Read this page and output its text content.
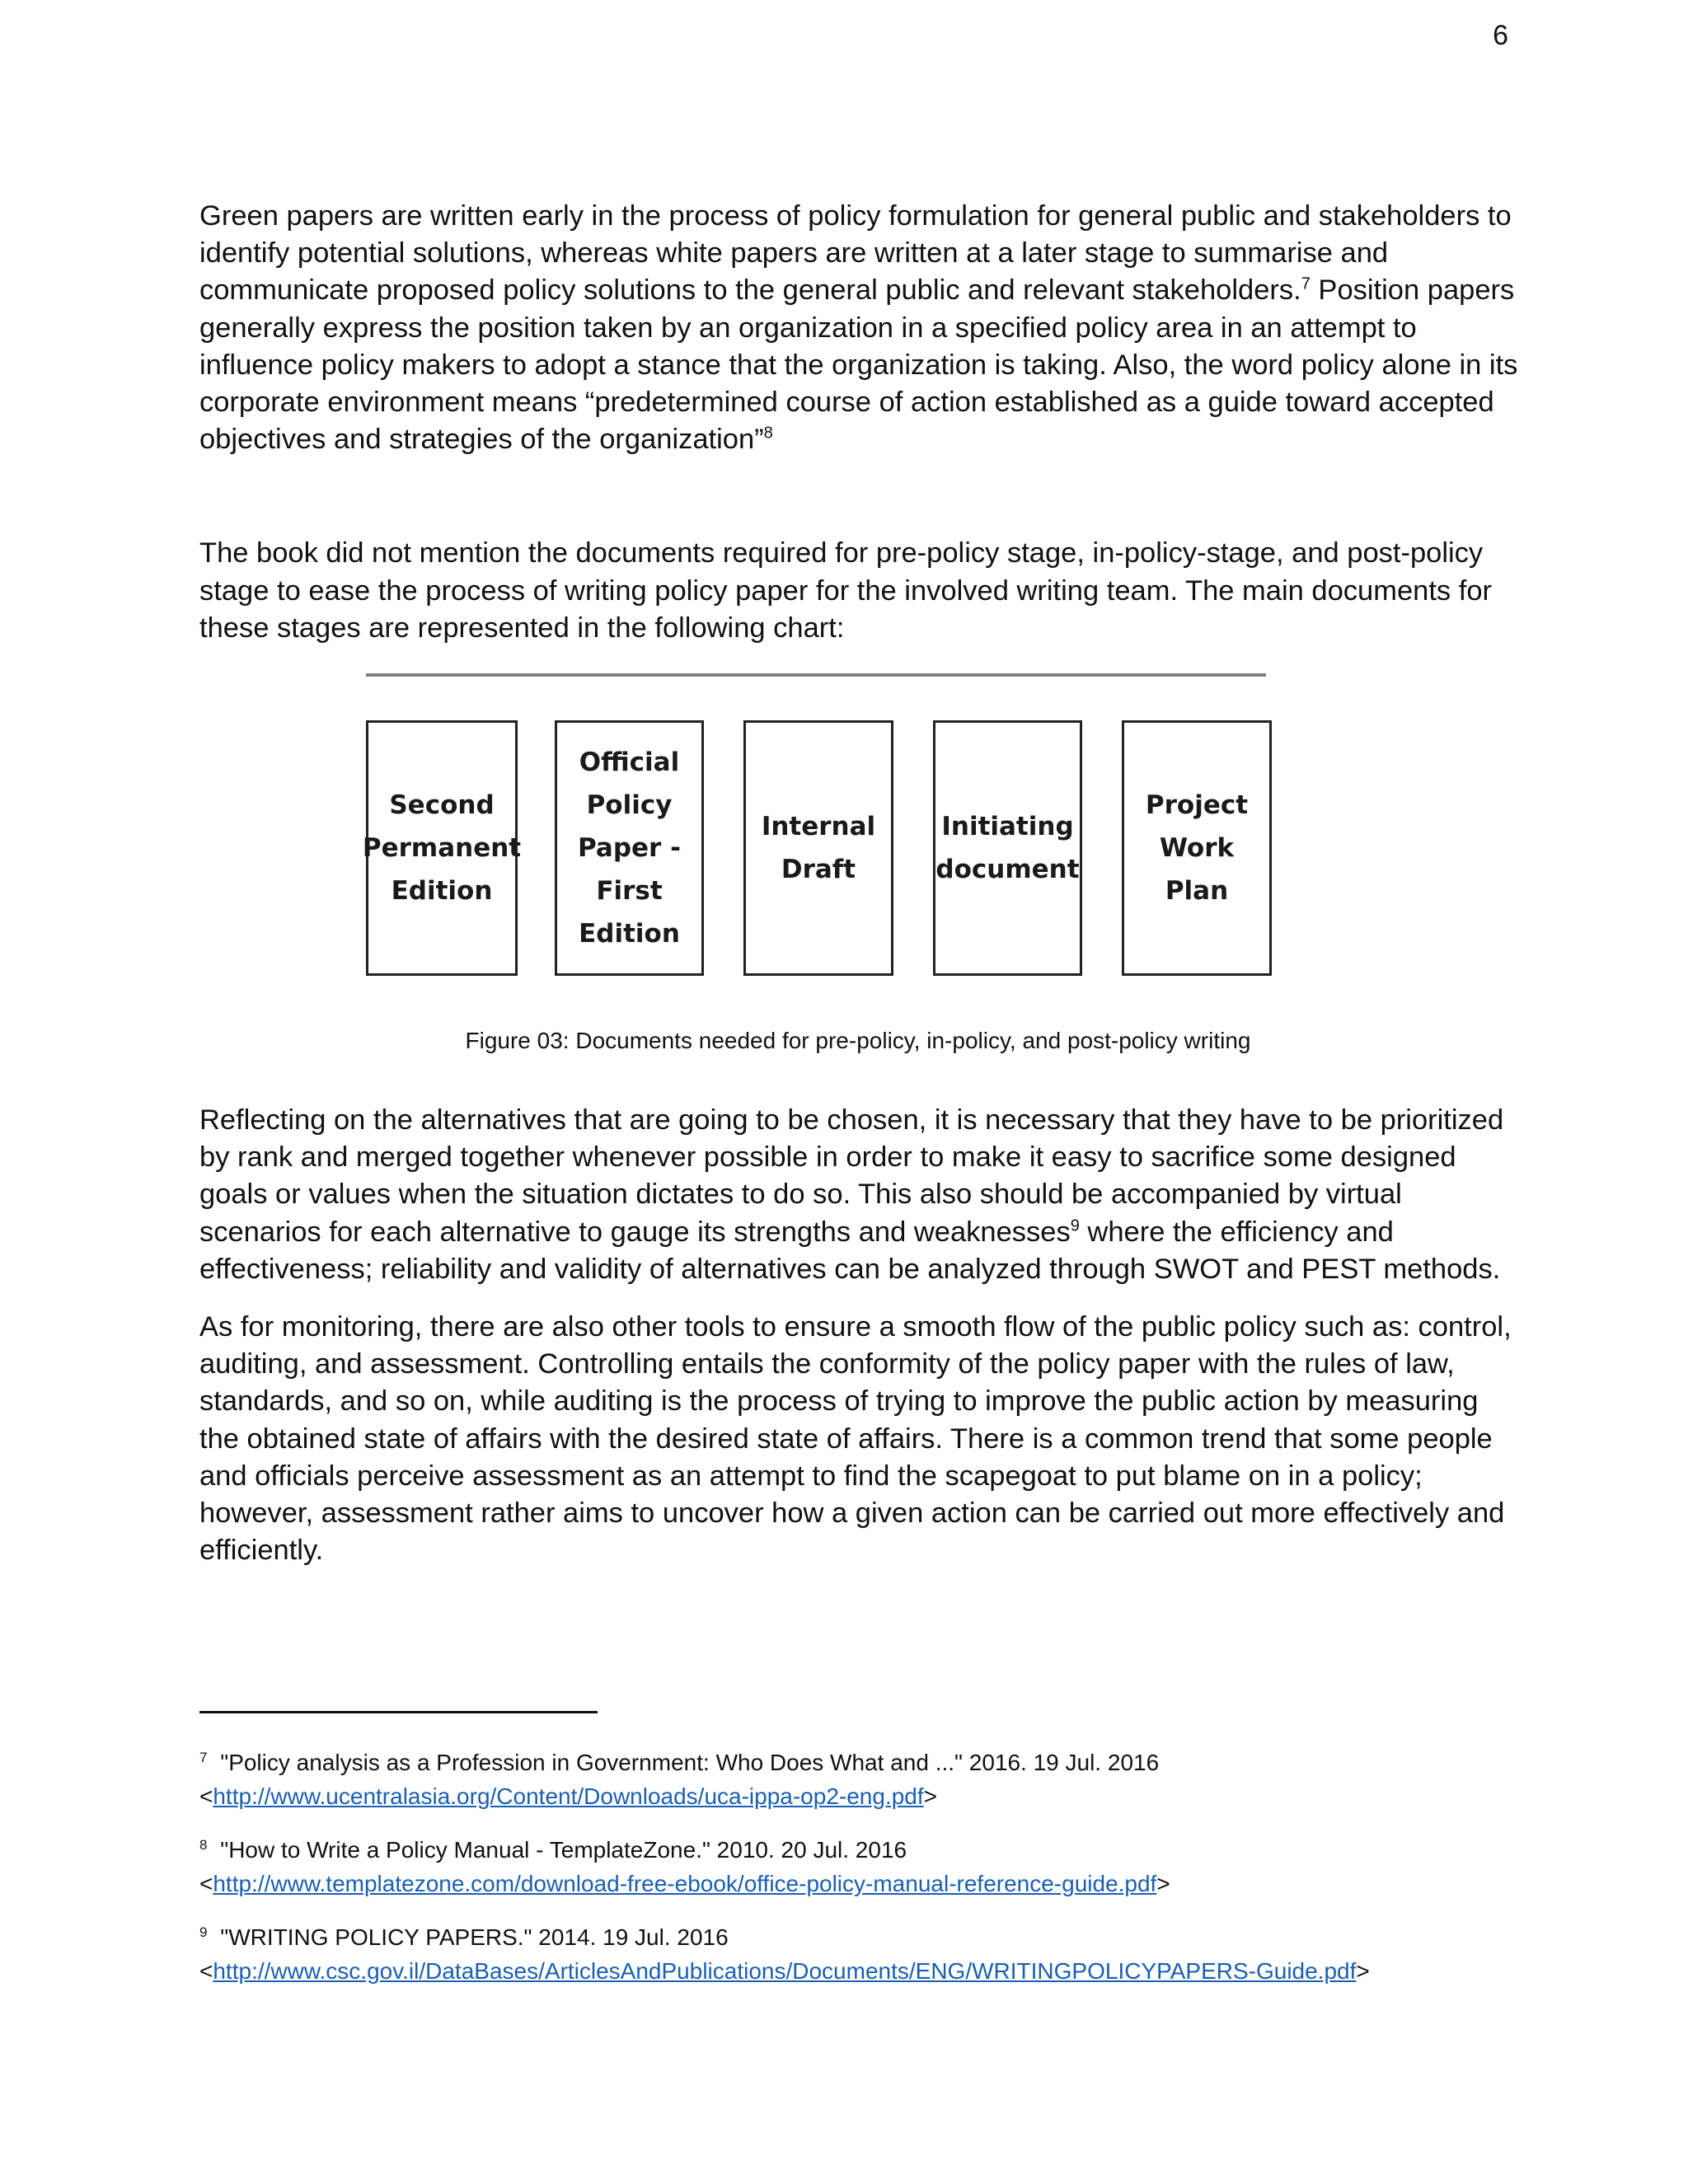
6

Green papers are written early in the process of policy formulation for general public and stakeholders to identify potential solutions, whereas white papers are written at a later stage to summarise and communicate proposed policy solutions to the general public and relevant stakeholders.$^7$ Position papers generally express the position taken by an organization in a specified policy area in an attempt to influence policy makers to adopt a stance that the organization is taking. Also, the word policy alone in its corporate environment means “predetermined course of action established as a guide toward accepted objectives and strategies of the organization”$^8$

The book did not mention the documents required for pre-policy stage, in-policy-stage, and post-policy stage to ease the process of writing policy paper for the involved writing team. The main documents for these stages are represented in the following chart:

Second
Permanent
Edition
Official
Policy
Paper -
First
Edition
Internal
Draft
Initiating
document
Project
Work Plan
Figure 03: Documents needed for pre-policy, in-policy, and post-policy writing

Reflecting on the alternatives that are going to be chosen, it is necessary that they have to be prioritized by rank and merged together whenever possible in order to make it easy to sacrifice some designed goals or values when the situation dictates to do so. This also should be accompanied by virtual scenarios for each alternative to gauge its strengths and weaknesses$^9$ where the efficiency and effectiveness; reliability and validity of alternatives can be analyzed through SWOT and PEST methods.

As for monitoring, there are also other tools to ensure a smooth flow of the public policy such as: control, auditing, and assessment. Controlling entails the conformity of the policy paper with the rules of law, standards, and so on, while auditing is the process of trying to improve the public action by measuring the obtained state of affairs with the desired state of affairs. There is a common trend that some people and officials perceive assessment as an attempt to find the scapegoat to put blame on in a policy; however, assessment rather aims to uncover how a given action can be carried out more effectively and efficiently.

$^7$ "Policy analysis as a Profession in Government: Who Does What and ..." 2016. 19 Jul. 2016
<http://www.ucentralasia.org/Content/Downloads/uca-ippa-op2-eng.pdf>

$^8$ "How to Write a Policy Manual - TemplateZone." 2010. 20 Jul. 2016
<http://www.templatezone.com/download-free-ebook/office-policy-manual-reference-guide.pdf>

$^9$ "WRITING POLICY PAPERS." 2014. 19 Jul. 2016
<http://www.csc.gov.il/DataBases/ArticlesAndPublications/Documents/ENG/WRITINGPOLICYPAPERS-Guide.pdf>
